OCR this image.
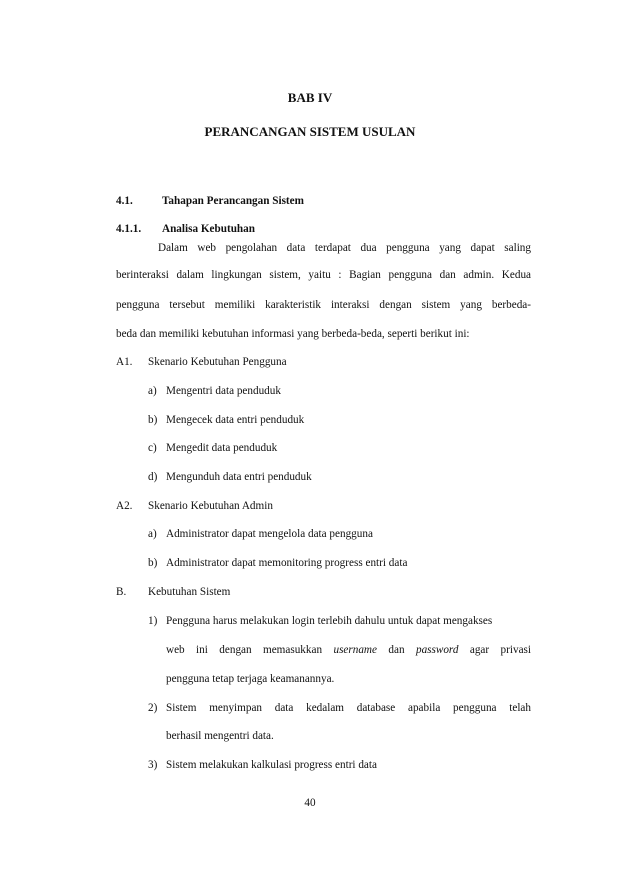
BAB IV
PERANCANGAN SISTEM USULAN
4.1.	Tahapan Perancangan Sistem
4.1.1. Analisa Kebutuhan
Dalam web pengolahan data terdapat dua pengguna yang dapat saling
berinteraksi dalam lingkungan sistem, yaitu : Bagian pengguna dan admin. Kedua
pengguna tersebut memiliki karakteristik interaksi dengan sistem yang berbeda-
beda dan memiliki kebutuhan informasi yang berbeda-beda, seperti berikut ini:
A1. Skenario Kebutuhan Pengguna
a) Mengentri data penduduk
b) Mengecek data entri penduduk
c) Mengedit data penduduk
d) Mengunduh data entri penduduk
A2. Skenario Kebutuhan Admin
a) Administrator dapat mengelola data pengguna
b) Administrator dapat memonitoring progress entri data
B. Kebutuhan Sistem
1) Pengguna harus melakukan login terlebih dahulu untuk dapat mengakses
web ini dengan memasukkan username dan password agar privasi
pengguna tetap terjaga keamanannya.
2) Sistem menyimpan data kedalam database apabila pengguna telah
berhasil mengentri data.
3) Sistem melakukan kalkulasi progress entri data
40
